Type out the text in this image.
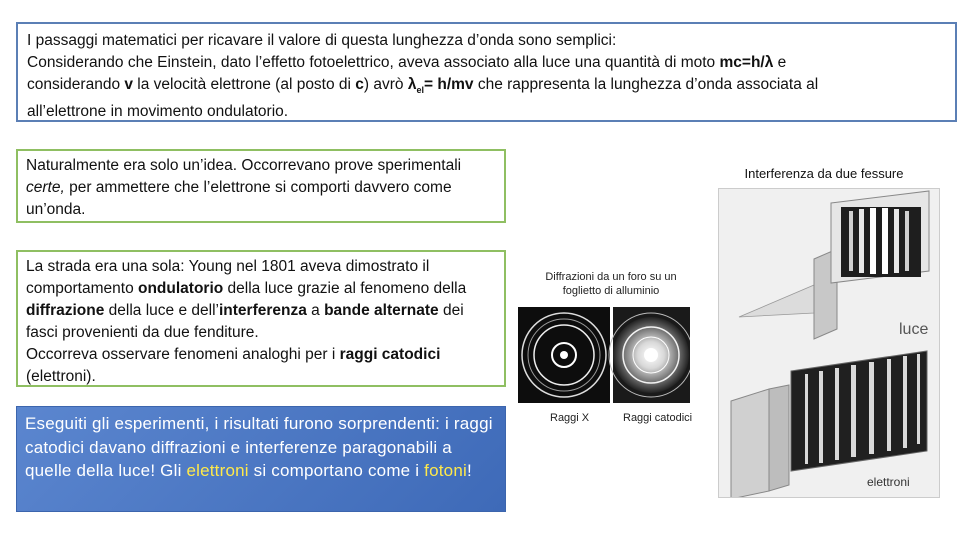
I passaggi matematici per ricavare il valore di questa lunghezza d’onda sono semplici:
Considerando che Einstein, dato l’effetto fotoelettrico, aveva associato alla luce una quantità di moto mc=h/λ e
considerando v la velocità elettrone (al posto di c) avrò $\lambda_{el}= h/mv$ che rappresenta la lunghezza d’onda associata al
all’elettrone in movimento ondulatorio.
Naturalmente era solo un’idea. Occorrevano prove sperimentali certe, per ammettere che l’elettrone si comporti davvero come un’onda.
La strada era una sola: Young nel 1801 aveva dimostrato il comportamento ondulatorio della luce grazie al fenomeno della diffrazione della luce e dell’interferenza a bande alternate dei fasci provenienti da due fenditure.
Occorreva osservare fenomeni analoghi per i raggi catodici (elettroni).
Eseguiti gli esperimenti, i risultati furono sorprendenti: i raggi catodici davano diffrazioni e interferenze paragonabili a quelle della luce! Gli elettroni si comportano come i fotoni!
Diffrazioni da un foro su un foglietto di alluminio
Raggi X	Raggi catodici
Interferenza da due fessure
luce
elettroni
